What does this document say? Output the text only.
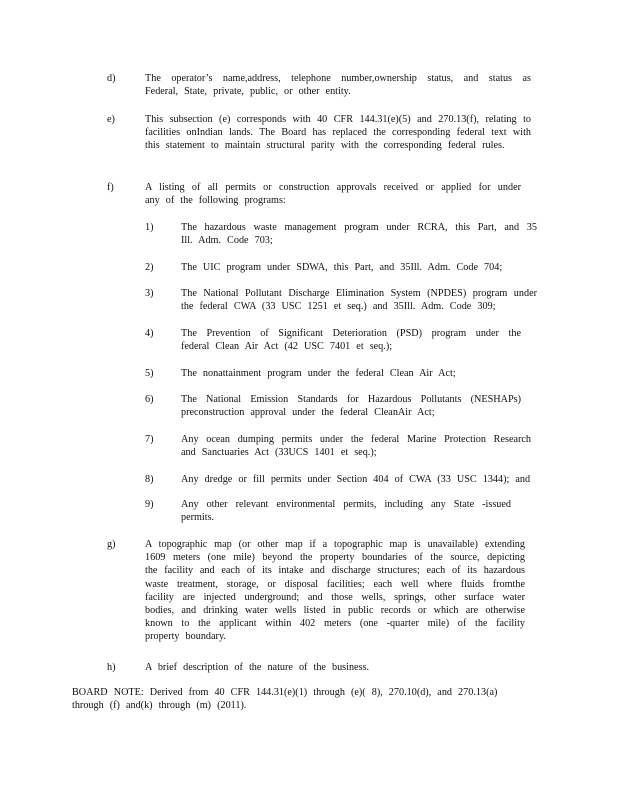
d)	The operator’s name,address, telephone number,ownership status, and status as Federal, State, private, public, or other entity.

e)	This subsection (e) corresponds with 40 CFR 144.31(e)(5) and 270.13(f), relating to facilities onIndian lands. The Board has replaced the corresponding federal text with this statement to maintain structural parity with the corresponding federal rules.

f)	A listing of all permits or construction approvals received or applied for under any of the following programs:

1)	The hazardous waste management program under RCRA, this Part, and 35 Ill. Adm. Code 703;

2)	The UIC program under SDWA, this Part, and 35Ill. Adm. Code 704;

3)	The National Pollutant Discharge Elimination System (NPDES) program under the federal CWA (33 USC 1251 et seq.) and 35Ill. Adm. Code 309;

4)	The Prevention of Significant Deterioration (PSD) program under the federal Clean Air Act (42 USC 7401 et seq.);

5)	The nonattainment program under the federal Clean Air Act;

6)	The National Emission Standards for Hazardous Pollutants (NESHAPs) preconstruction approval under the federal CleanAir Act;

7)	Any ocean dumping permits under the federal Marine Protection Research and Sanctuaries Act (33UCS 1401 et seq.);

8)	Any dredge or fill permits under Section 404 of CWA (33 USC 1344); and

9)	Any other relevant environmental permits, including any State -issued permits.

g)	A topographic map (or other map if a topographic map is unavailable) extending 1609 meters (one mile) beyond the property boundaries of the source, depicting the facility and each of its intake and discharge structures; each of its hazardous waste treatment, storage, or disposal facilities; each well where fluids fromthe facility are injected underground; and those wells, springs, other surface water bodies, and drinking water wells listed in public records or which are otherwise known to the applicant within 402 meters (one -quarter mile) of the facility property boundary.

h)	A brief description of the nature of the business.

BOARD NOTE: Derived from 40 CFR 144.31(e)(1) through (e)( 8), 270.10(d), and 270.13(a) through (f) and(k) through (m) (2011).
